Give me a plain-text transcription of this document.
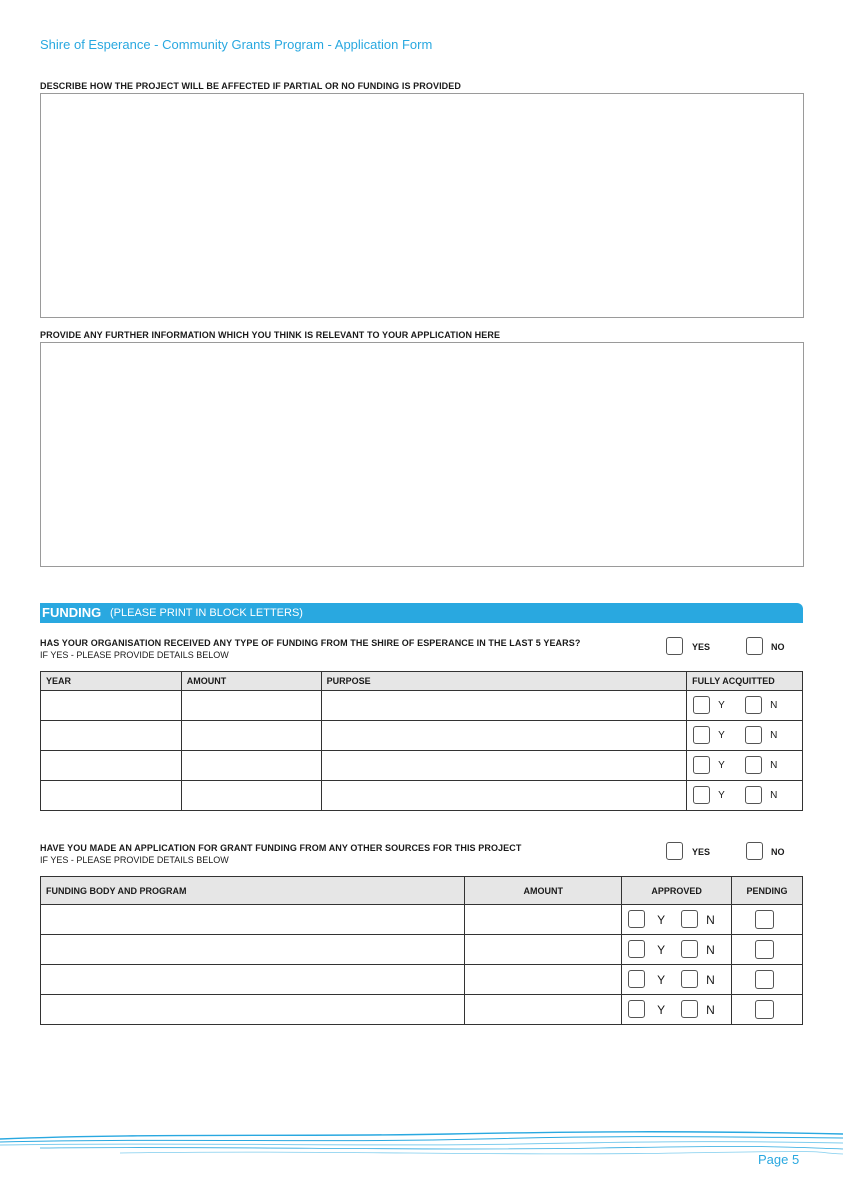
Shire of Esperance - Community Grants Program - Application Form
DESCRIBE HOW THE PROJECT WILL BE AFFECTED IF PARTIAL OR NO FUNDING IS PROVIDED
PROVIDE ANY FURTHER INFORMATION WHICH YOU THINK IS RELEVANT TO YOUR APPLICATION HERE
FUNDING (PLEASE PRINT IN BLOCK LETTERS)
HAS YOUR ORGANISATION RECEIVED ANY TYPE OF FUNDING FROM THE SHIRE OF ESPERANCE IN THE LAST 5 YEARS?
IF YES - PLEASE PROVIDE DETAILS BELOW
YES	NO
YEAR	AMOUNT	PURPOSE	FULLY ACQUITTED

			Y N

			Y N

			Y N

			Y N
HAVE YOU MADE AN APPLICATION FOR GRANT FUNDING FROM ANY OTHER SOURCES FOR THIS PROJECT
IF YES - PLEASE PROVIDE DETAILS BELOW
YES	NO
FUNDING BODY AND PROGRAM	AMOUNT	APPROVED	PENDING

		Y N	

		Y N	

		Y N	

		Y N	

Page 5
